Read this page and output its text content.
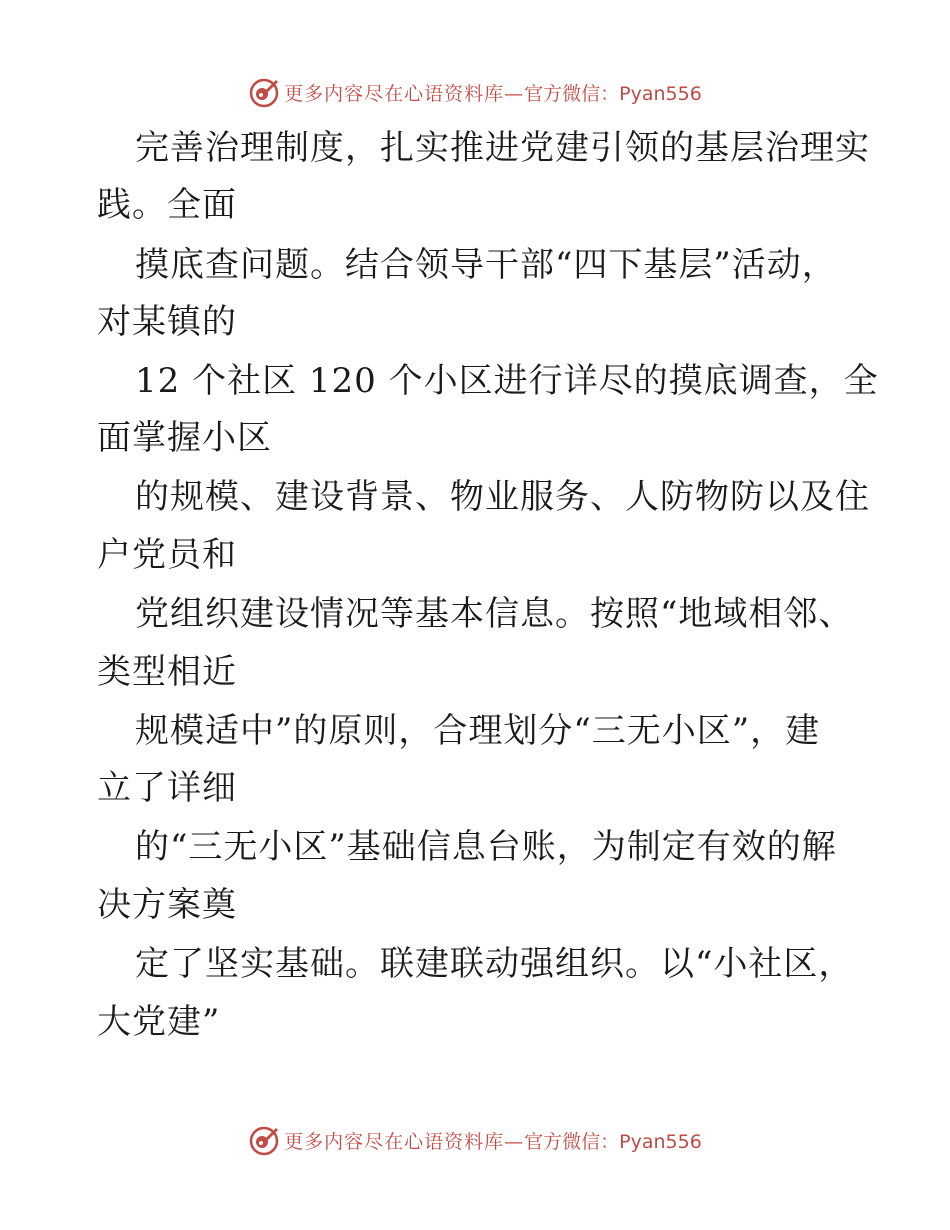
更多内容尽在心语资料库— 官方微信：Pyan556
完善治理制度，扎实推进党建引领的基层治理实
践。全面
摸底查问题。结合领导干部“四下基层”活动，
对某镇的
12 个社区 120 个小区进行详尽的摸底调查，全
面掌握小区
的规模、建设背景、物业服务、人防物防以及住
户党员和
党组织建设情况等基本信息。按照“地域相邻、
类型相近
规模适中”的原则，合理划分“三无小区”，建
立了详细
的“三无小区”基础信息台账，为制定有效的解
决方案奠
定了坚实基础。联建联动强组织。以“小社区，
大党建”
更多内容尽在心语资料库— 官方微信：Pyan556
